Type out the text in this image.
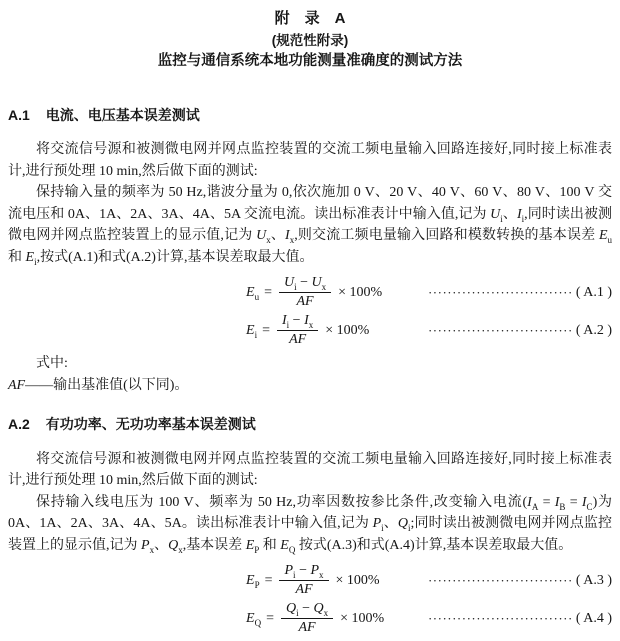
附　录　A

(规范性附录)

监控与通信系统本地功能测量准确度的测试方法

A.1 电流、电压基本误差测试

将交流信号源和被测微电网并网点监控装置的交流工频电量输入回路连接好,同时接上标准表计,进行预处理 10 min,然后做下面的测试:

保持输入量的频率为 50 Hz,谐波分量为 0,依次施加 0 V、20 V、40 V、60 V、80 V、100 V 交流电压和 0A、1A、2A、3A、4A、5A 交流电流。读出标准表计中输入值,记为 $U_i$、$I_i$,同时读出被测微电网并网点监控装置上的显示值,记为 $U_x$、$I_x$,则交流工频电量输入回路和模数转换的基本误差 $E_u$ 和 $E_i$,按式(A.1)和式(A.2)计算,基本误差取最大值。

$E_u = \frac{U_i - U_x}{AF} \times 100\%$	······························ ( A.1 )
$E_i = \frac{I_i - I_x}{AF} \times 100\%$	······························ ( A.2 )

式中:

AF——输出基准值(以下同)。

A.2 有功功率、无功功率基本误差测试

将交流信号源和被测微电网并网点监控装置的交流工频电量输入回路连接好,同时接上标准表计,进行预处理 10 min,然后做下面的测试:

保持输入线电压为 100 V、频率为 50 Hz,功率因数按参比条件,改变输入电流$(I_A = I_B = I_C)$为 0A、1A、2A、3A、4A、5A。读出标准表计中输入值,记为 $P_i$、$Q_i$;同时读出被测微电网并网点监控装置上的显示值,记为 $P_x$、$Q_x$,基本误差 $E_P$ 和 $E_Q$ 按式(A.3)和式(A.4)计算,基本误差取最大值。

$E_P = \frac{P_i - P_x}{AF} \times 100\%$	······························ ( A.3 )
$E_Q = \frac{Q_i - Q_x}{AF} \times 100\%$	······························ ( A.4 )
